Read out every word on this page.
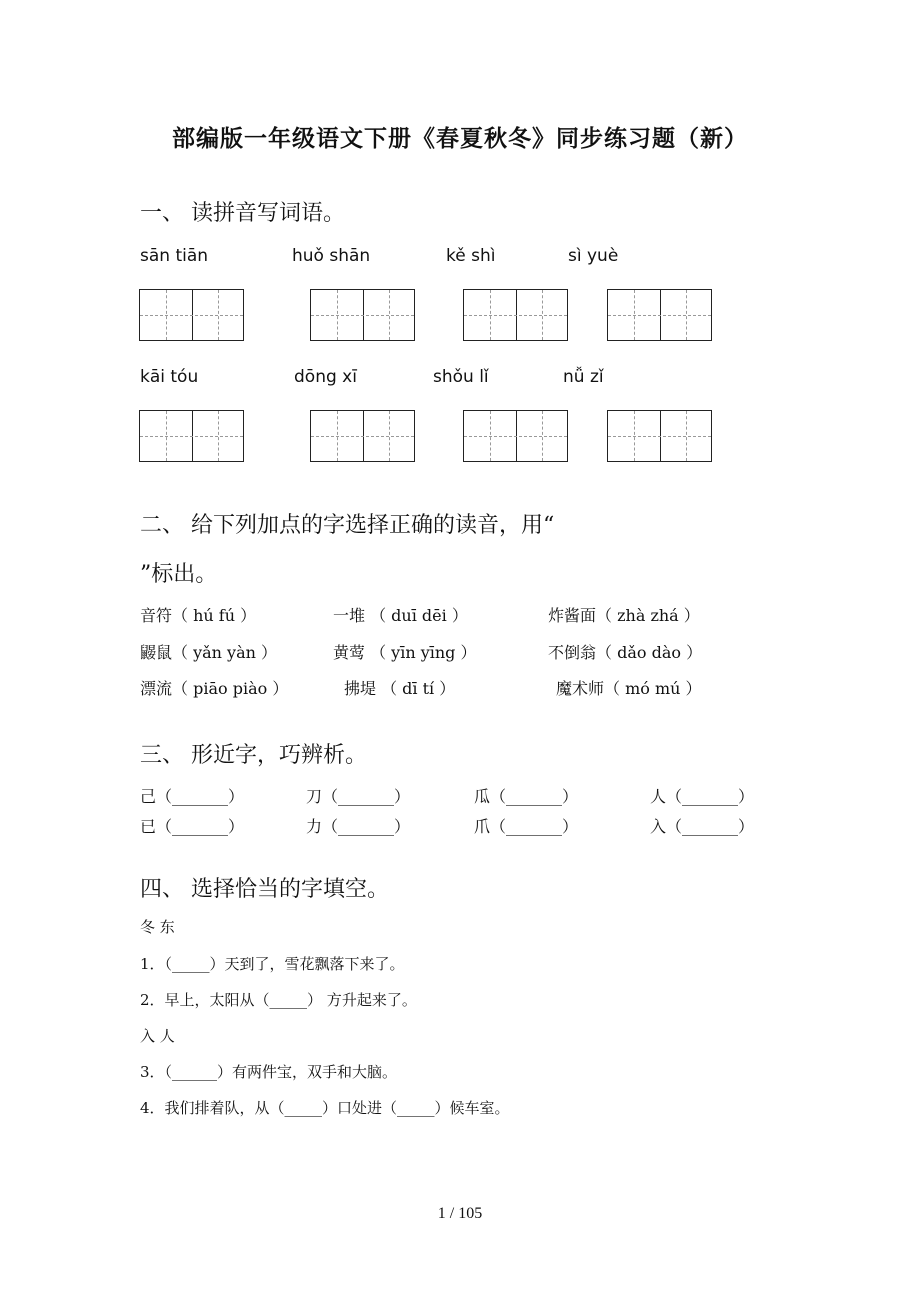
部编版一年级语文下册《春夏秋冬》同步练习题（新）
一、 读拼音写词语。
sān tiān	huǒ shān	kě shì	sì yuè
kāi tóu	dōng xī	shǒu lǐ	nǚ zǐ
二、 给下列加点的字选择正确的读音，用“
”标出。
音符（ hú fú ）	一堆 （ duī dēi ）	炸酱面（ zhà zhá ）
鼹鼠（ yǎn yàn ）	黄莺 （ yīn yīng ）	不倒翁（ dǎo dào ）
漂流（ piāo piào ）	拂堤 （ dī tí ）	魔术师（ mó mú ）
三、 形近字，巧辨析。
己（_______）	刀（_______）	瓜（_______）	人（_______）
已（_______）	力（_______）	爪（_______）	入（_______）
四、 选择恰当的字填空。
冬 东
1．（_____）天到了，雪花飘落下来了。
2．早上，太阳从（_____） 方升起来了。
入 人
3．（______）有两件宝，双手和大脑。
4．我们排着队，从（_____）口处进（_____）候车室。
1 / 105
